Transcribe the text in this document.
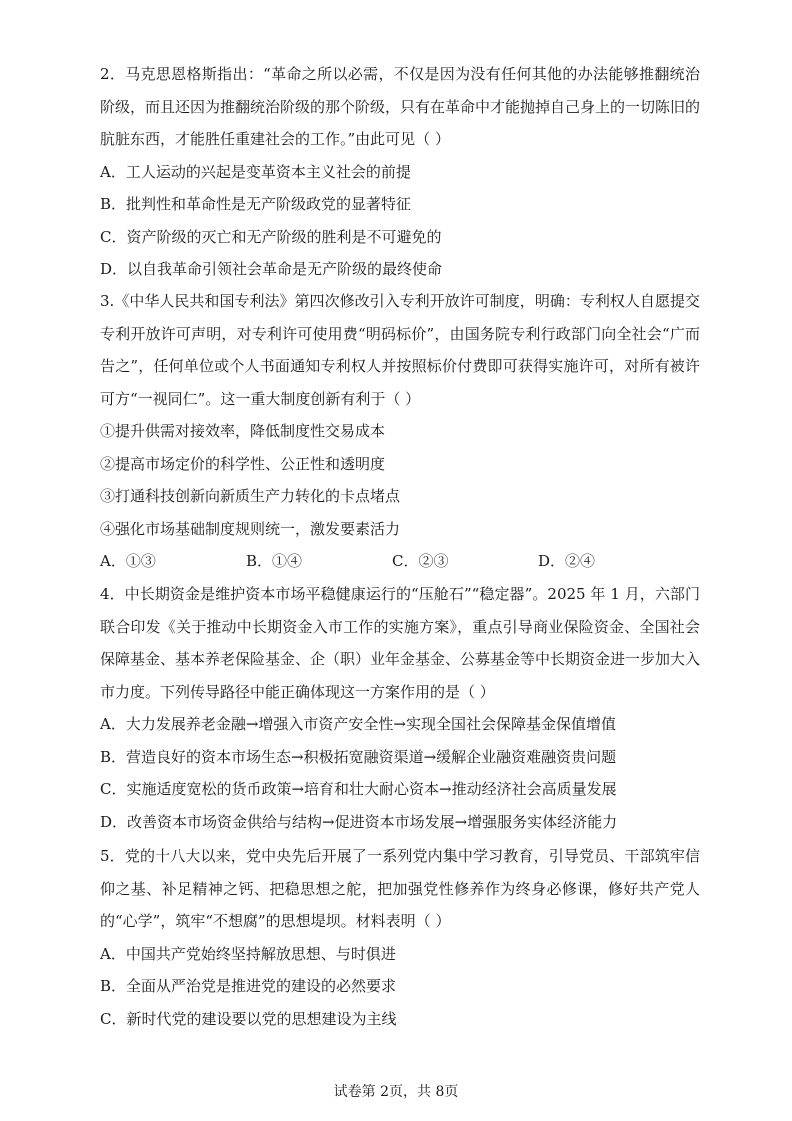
2．马克思恩格斯指出：“革命之所以必需，不仅是因为没有任何其他的办法能够推翻统治阶级，而且还因为推翻统治阶级的那个阶级，只有在革命中才能抛掉自己身上的一切陈旧的肮脏东西，才能胜任重建社会的工作。”由此可见（ ）

A．工人运动的兴起是变革资本主义社会的前提

B．批判性和革命性是无产阶级政党的显著特征

C．资产阶级的灭亡和无产阶级的胜利是不可避免的

D．以自我革命引领社会革命是无产阶级的最终使命

3.《中华人民共和国专利法》第四次修改引入专利开放许可制度，明确：专利权人自愿提交专利开放许可声明，对专利许可使用费“明码标价”，由国务院专利行政部门向全社会“广而告之”，任何单位或个人书面通知专利权人并按照标价付费即可获得实施许可，对所有被许可方“一视同仁”。这一重大制度创新有利于（ ）

①提升供需对接效率，降低制度性交易成本

②提高市场定价的科学性、公正性和透明度

③打通科技创新向新质生产力转化的卡点堵点

④强化市场基础制度规则统一，激发要素活力

A．①③	B．①④	C．②③	D．②④

4．中长期资金是维护资本市场平稳健康运行的“压舱石”“稳定器”。2025 年 1 月，六部门联合印发《关于推动中长期资金入市工作的实施方案》，重点引导商业保险资金、全国社会保障基金、基本养老保险基金、企（职）业年金基金、公募基金等中长期资金进一步加大入市力度。下列传导路径中能正确体现这一方案作用的是（ ）

A．大力发展养老金融→增强入市资产安全性→实现全国社会保障基金保值增值

B．营造良好的资本市场生态→积极拓宽融资渠道→缓解企业融资难融资贵问题

C．实施适度宽松的货币政策→培育和壮大耐心资本→推动经济社会高质量发展

D．改善资本市场资金供给与结构→促进资本市场发展→增强服务实体经济能力

5．党的十八大以来，党中央先后开展了一系列党内集中学习教育，引导党员、干部筑牢信仰之基、补足精神之钙、把稳思想之舵，把加强党性修养作为终身必修课，修好共产党人的“心学”，筑牢“不想腐”的思想堤坝。材料表明（ ）

A．中国共产党始终坚持解放思想、与时俱进

B．全面从严治党是推进党的建设的必然要求

C．新时代党的建设要以党的思想建设为主线

试卷第 2页，共 8页
